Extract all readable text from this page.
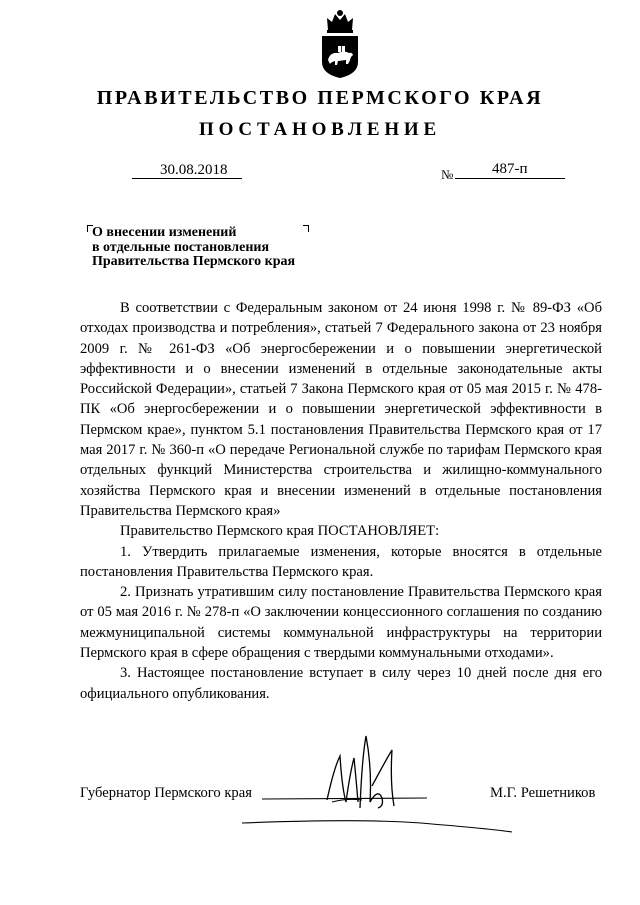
ПРАВИТЕЛЬСТВО ПЕРМСКОГО КРАЯ
ПОСТАНОВЛЕНИЕ
30.08.2018	№	487-п
О внесении изменений
в отдельные постановления
Правительства Пермского края

В соответствии с Федеральным законом от 24 июня 1998 г. № 89-ФЗ «Об отходах производства и потребления», статьей 7 Федерального закона от 23 ноября 2009 г. № 261-ФЗ «Об энергосбережении и о повышении энергетической эффективности и о внесении изменений в отдельные законодательные акты Российской Федерации», статьей 7 Закона Пермского края от 05 мая 2015 г. № 478-ПК «Об энергосбережении и о повышении энергетической эффективности в Пермском крае», пунктом 5.1 постановления Правительства Пермского края от 17 мая 2017 г. № 360-п «О передаче Региональной службе по тарифам Пермского края отдельных функций Министерства строительства и жилищно-коммунального хозяйства Пермского края и внесении изменений в отдельные постановления Правительства Пермского края»

Правительство Пермского края ПОСТАНОВЛЯЕТ:

1. Утвердить прилагаемые изменения, которые вносятся в отдельные постановления Правительства Пермского края.

2. Признать утратившим силу постановление Правительства Пермского края от 05 мая 2016 г. № 278-п «О заключении концессионного соглашения по созданию межмуниципальной системы коммунальной инфраструктуры на территории Пермского края в сфере обращения с твердыми коммунальными отходами».

3. Настоящее постановление вступает в силу через 10 дней после дня его официального опубликования.

Губернатор Пермского края	М.Г. Решетников
